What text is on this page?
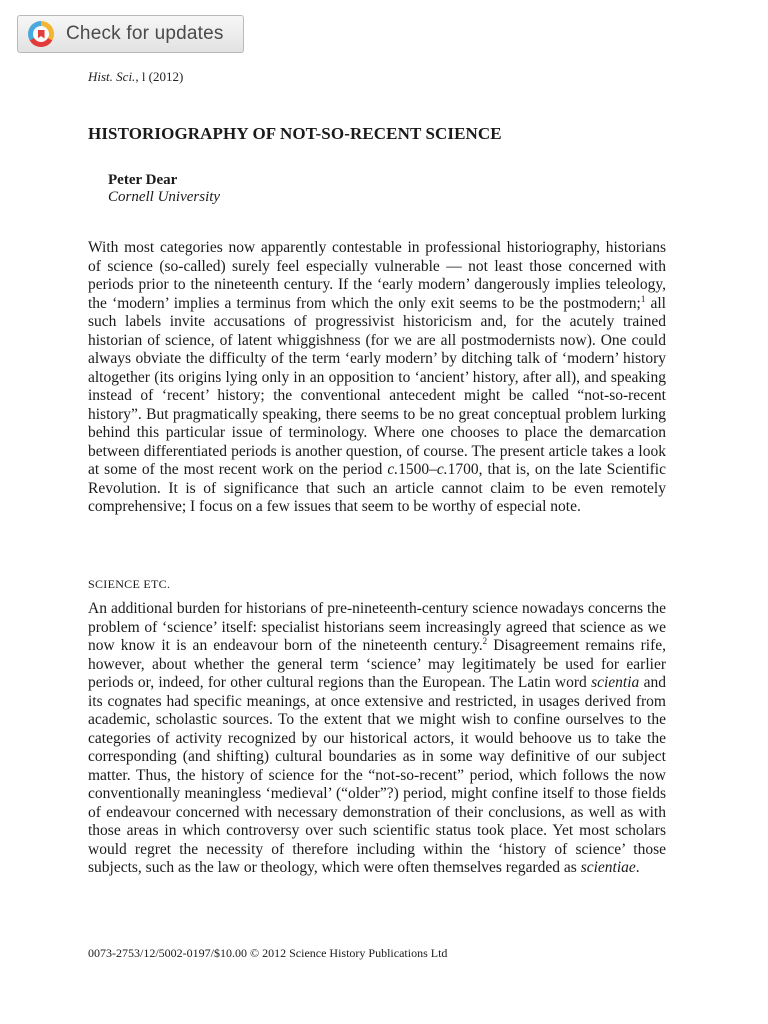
Check for updates
Hist. Sci., l (2012)
HISTORIOGRAPHY OF NOT-SO-RECENT SCIENCE
Peter Dear
Cornell University

With most categories now apparently contestable in professional historiography, historians of science (so-called) surely feel especially vulnerable — not least those concerned with periods prior to the nineteenth century. If the ‘early modern’ dangerously implies teleology, the ‘modern’ implies a terminus from which the only exit seems to be the postmodern;$^1$ all such labels invite accusations of progressivist historicism and, for the acutely trained historian of science, of latent whiggishness (for we are all postmodernists now). One could always obviate the difficulty of the term ‘early modern’ by ditching talk of ‘modern’ history altogether (its origins lying only in an opposition to ‘ancient’ history, after all), and speaking instead of ‘recent’ history; the conventional antecedent might be called “not-so-recent history”. But pragmatically speaking, there seems to be no great conceptual problem lurking behind this particular issue of terminology. Where one chooses to place the demarcation between differentiated periods is another question, of course. The present article takes a look at some of the most recent work on the period c.1500–c.1700, that is, on the late Scientific Revolution. It is of significance that such an article cannot claim to be even remotely comprehensive; I focus on a few issues that seem to be worthy of especial note.

SCIENCE ETC.

An additional burden for historians of pre-nineteenth-century science nowadays concerns the problem of ‘science’ itself: specialist historians seem increasingly agreed that science as we now know it is an endeavour born of the nineteenth century.$^2$ Disagreement remains rife, however, about whether the general term ‘science’ may legitimately be used for earlier periods or, indeed, for other cultural regions than the European. The Latin word scientia and its cognates had specific meanings, at once extensive and restricted, in usages derived from academic, scholastic sources. To the extent that we might wish to confine ourselves to the categories of activity recognized by our historical actors, it would behoove us to take the corresponding (and shifting) cultural boundaries as in some way definitive of our subject matter. Thus, the history of science for the “not-so-recent” period, which follows the now conventionally meaningless ‘medieval’ (“older”?) period, might confine itself to those fields of endeavour concerned with necessary demonstration of their conclusions, as well as with those areas in which controversy over such scientific status took place. Yet most scholars would regret the necessity of therefore including within the ‘history of science’ those subjects, such as the law or theology, which were often themselves regarded as scientiae.

0073-2753/12/5002-0197/$10.00 © 2012 Science History Publications Ltd
